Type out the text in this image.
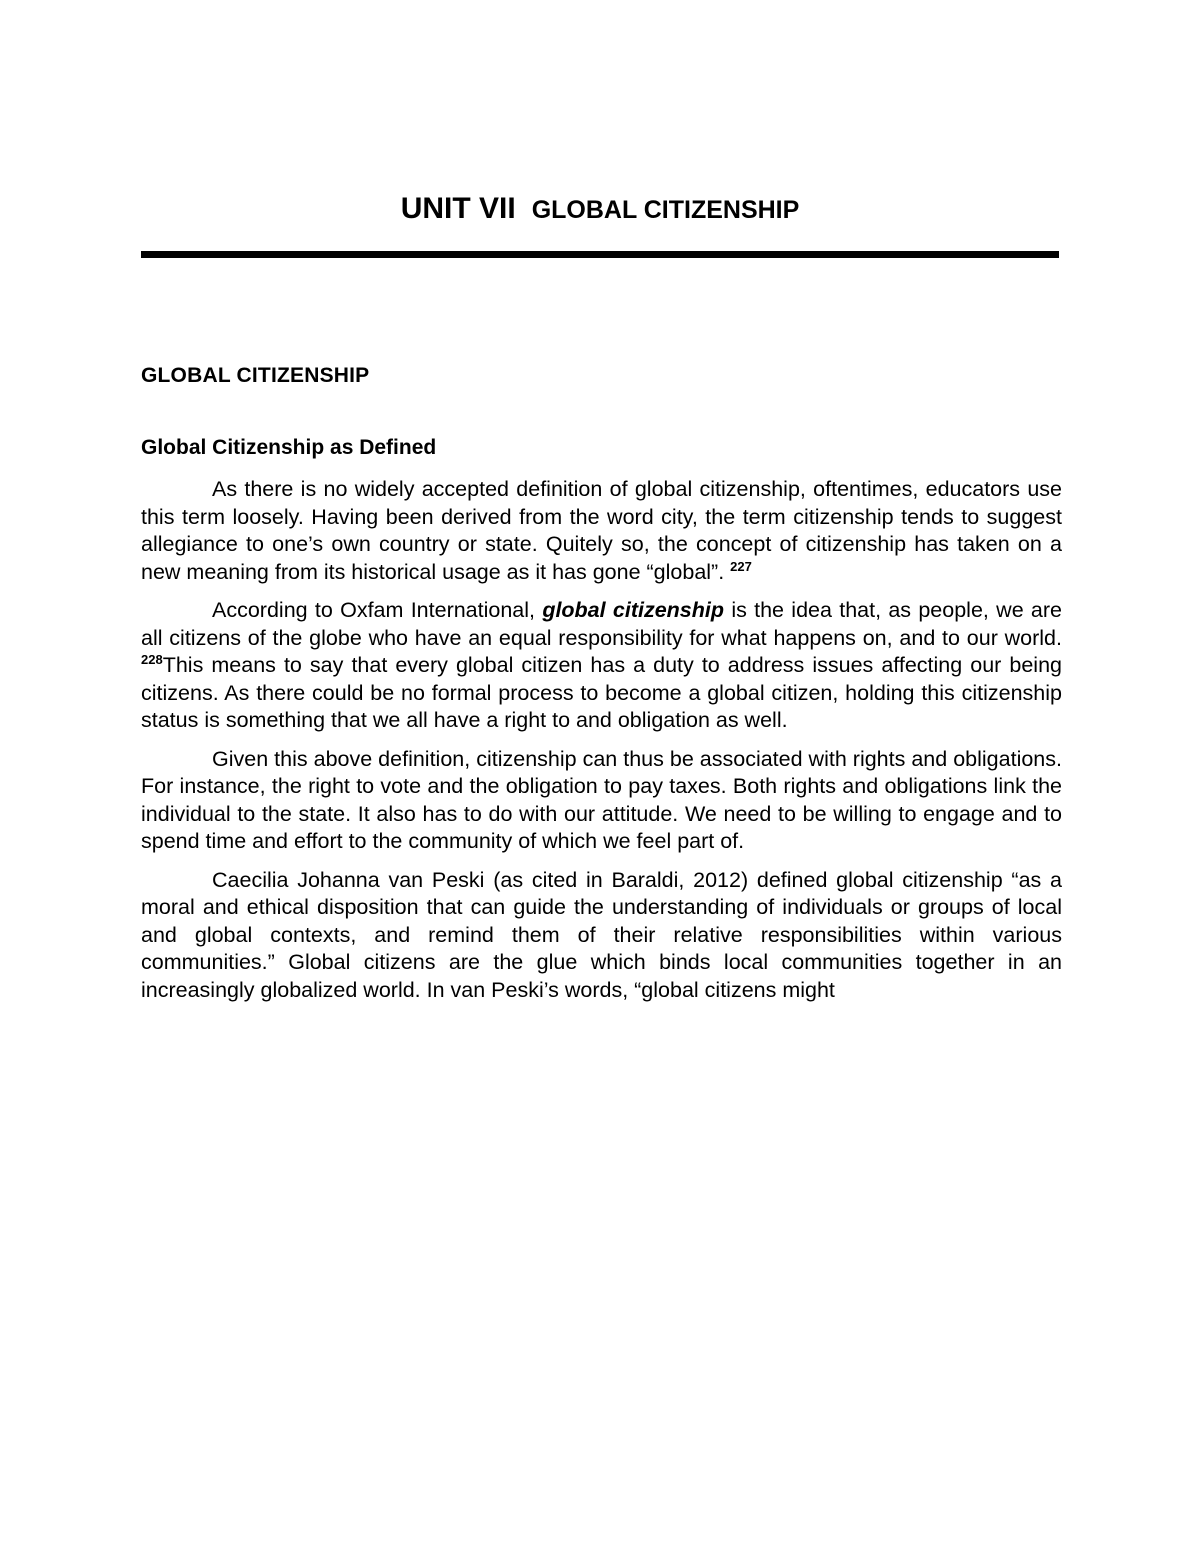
UNIT VII GLOBAL CITIZENSHIP
GLOBAL CITIZENSHIP
Global Citizenship as Defined

As there is no widely accepted definition of global citizenship, oftentimes, educators use this term loosely. Having been derived from the word city, the term citizenship tends to suggest allegiance to one’s own country or state. Quitely so, the concept of citizenship has taken on a new meaning from its historical usage as it has gone “global”. $^{227}$

According to Oxfam International, global citizenship is the idea that, as people, we are all citizens of the globe who have an equal responsibility for what happens on, and to our world. $^{228}$This means to say that every global citizen has a duty to address issues affecting our being citizens. As there could be no formal process to become a global citizen, holding this citizenship status is something that we all have a right to and obligation as well.

Given this above definition, citizenship can thus be associated with rights and obligations. For instance, the right to vote and the obligation to pay taxes. Both rights and obligations link the individual to the state. It also has to do with our attitude. We need to be willing to engage and to spend time and effort to the community of which we feel part of.

Caecilia Johanna van Peski (as cited in Baraldi, 2012) defined global citizenship “as a moral and ethical disposition that can guide the understanding of individuals or groups of local and global contexts, and remind them of their relative responsibilities within various communities.” Global citizens are the glue which binds local communities together in an increasingly globalized world. In van Peski’s words, “global citizens might
